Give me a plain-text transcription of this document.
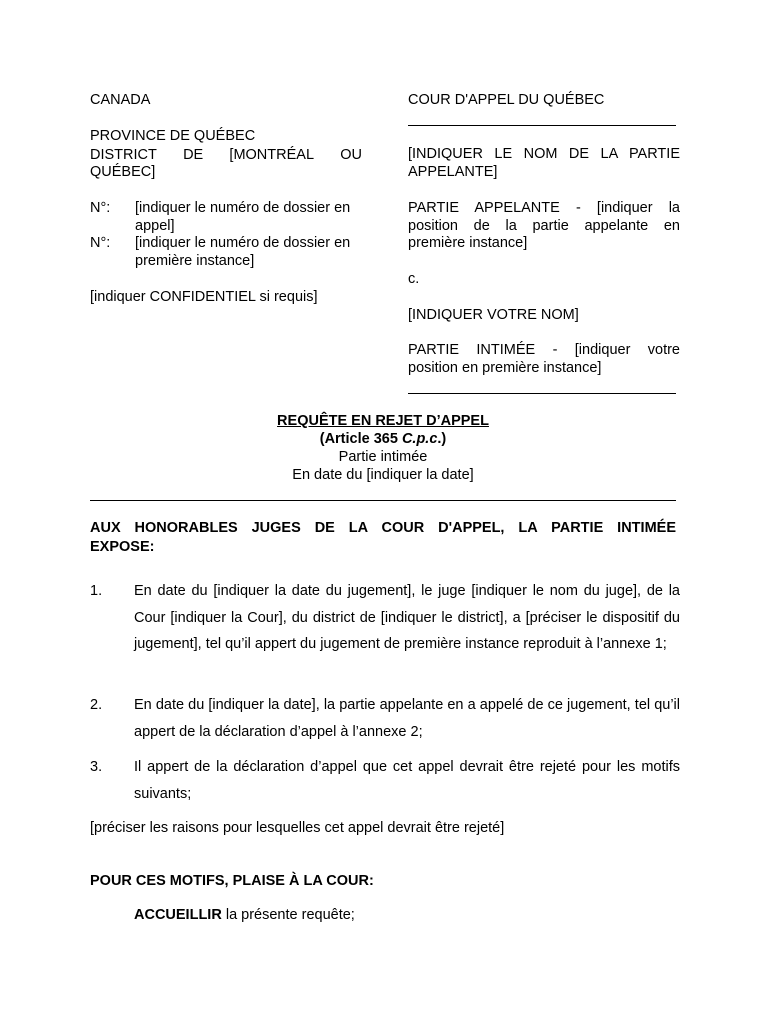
CANADA
PROVINCE DE QUÉBEC
DISTRICT DE [MONTRÉAL OU
QUÉBEC]
N°: [indiquer le numéro de dossier en
appel]
N°: [indiquer le numéro de dossier en
première instance]
[indiquer CONFIDENTIEL si requis]
COUR D'APPEL DU QUÉBEC
[INDIQUER LE NOM DE LA PARTIE
APPELANTE]
PARTIE APPELANTE - [indiquer la
position de la partie appelante en
première instance]
c.
[INDIQUER VOTRE NOM]
PARTIE INTIMÉE - [indiquer votre
position en première instance]
REQUÊTE EN REJET D’APPEL
(Article 365 C.p.c.)
Partie intimée
En date du [indiquer la date]
AUX HONORABLES JUGES DE LA COUR D'APPEL, LA PARTIE INTIMÉE
EXPOSE:
1. En date du [indiquer la date du jugement], le juge [indiquer le nom du juge], de la Cour [indiquer la Cour], du district de [indiquer le district], a [préciser le dispositif du jugement], tel qu’il appert du jugement de première instance reproduit à l’annexe 1;
2. En date du [indiquer la date], la partie appelante en a appelé de ce jugement, tel qu’il appert de la déclaration d’appel à l’annexe 2;
3. Il appert de la déclaration d’appel que cet appel devrait être rejeté pour les motifs suivants;
[préciser les raisons pour lesquelles cet appel devrait être rejeté]
POUR CES MOTIFS, PLAISE À LA COUR:
ACCUEILLIR la présente requête;
